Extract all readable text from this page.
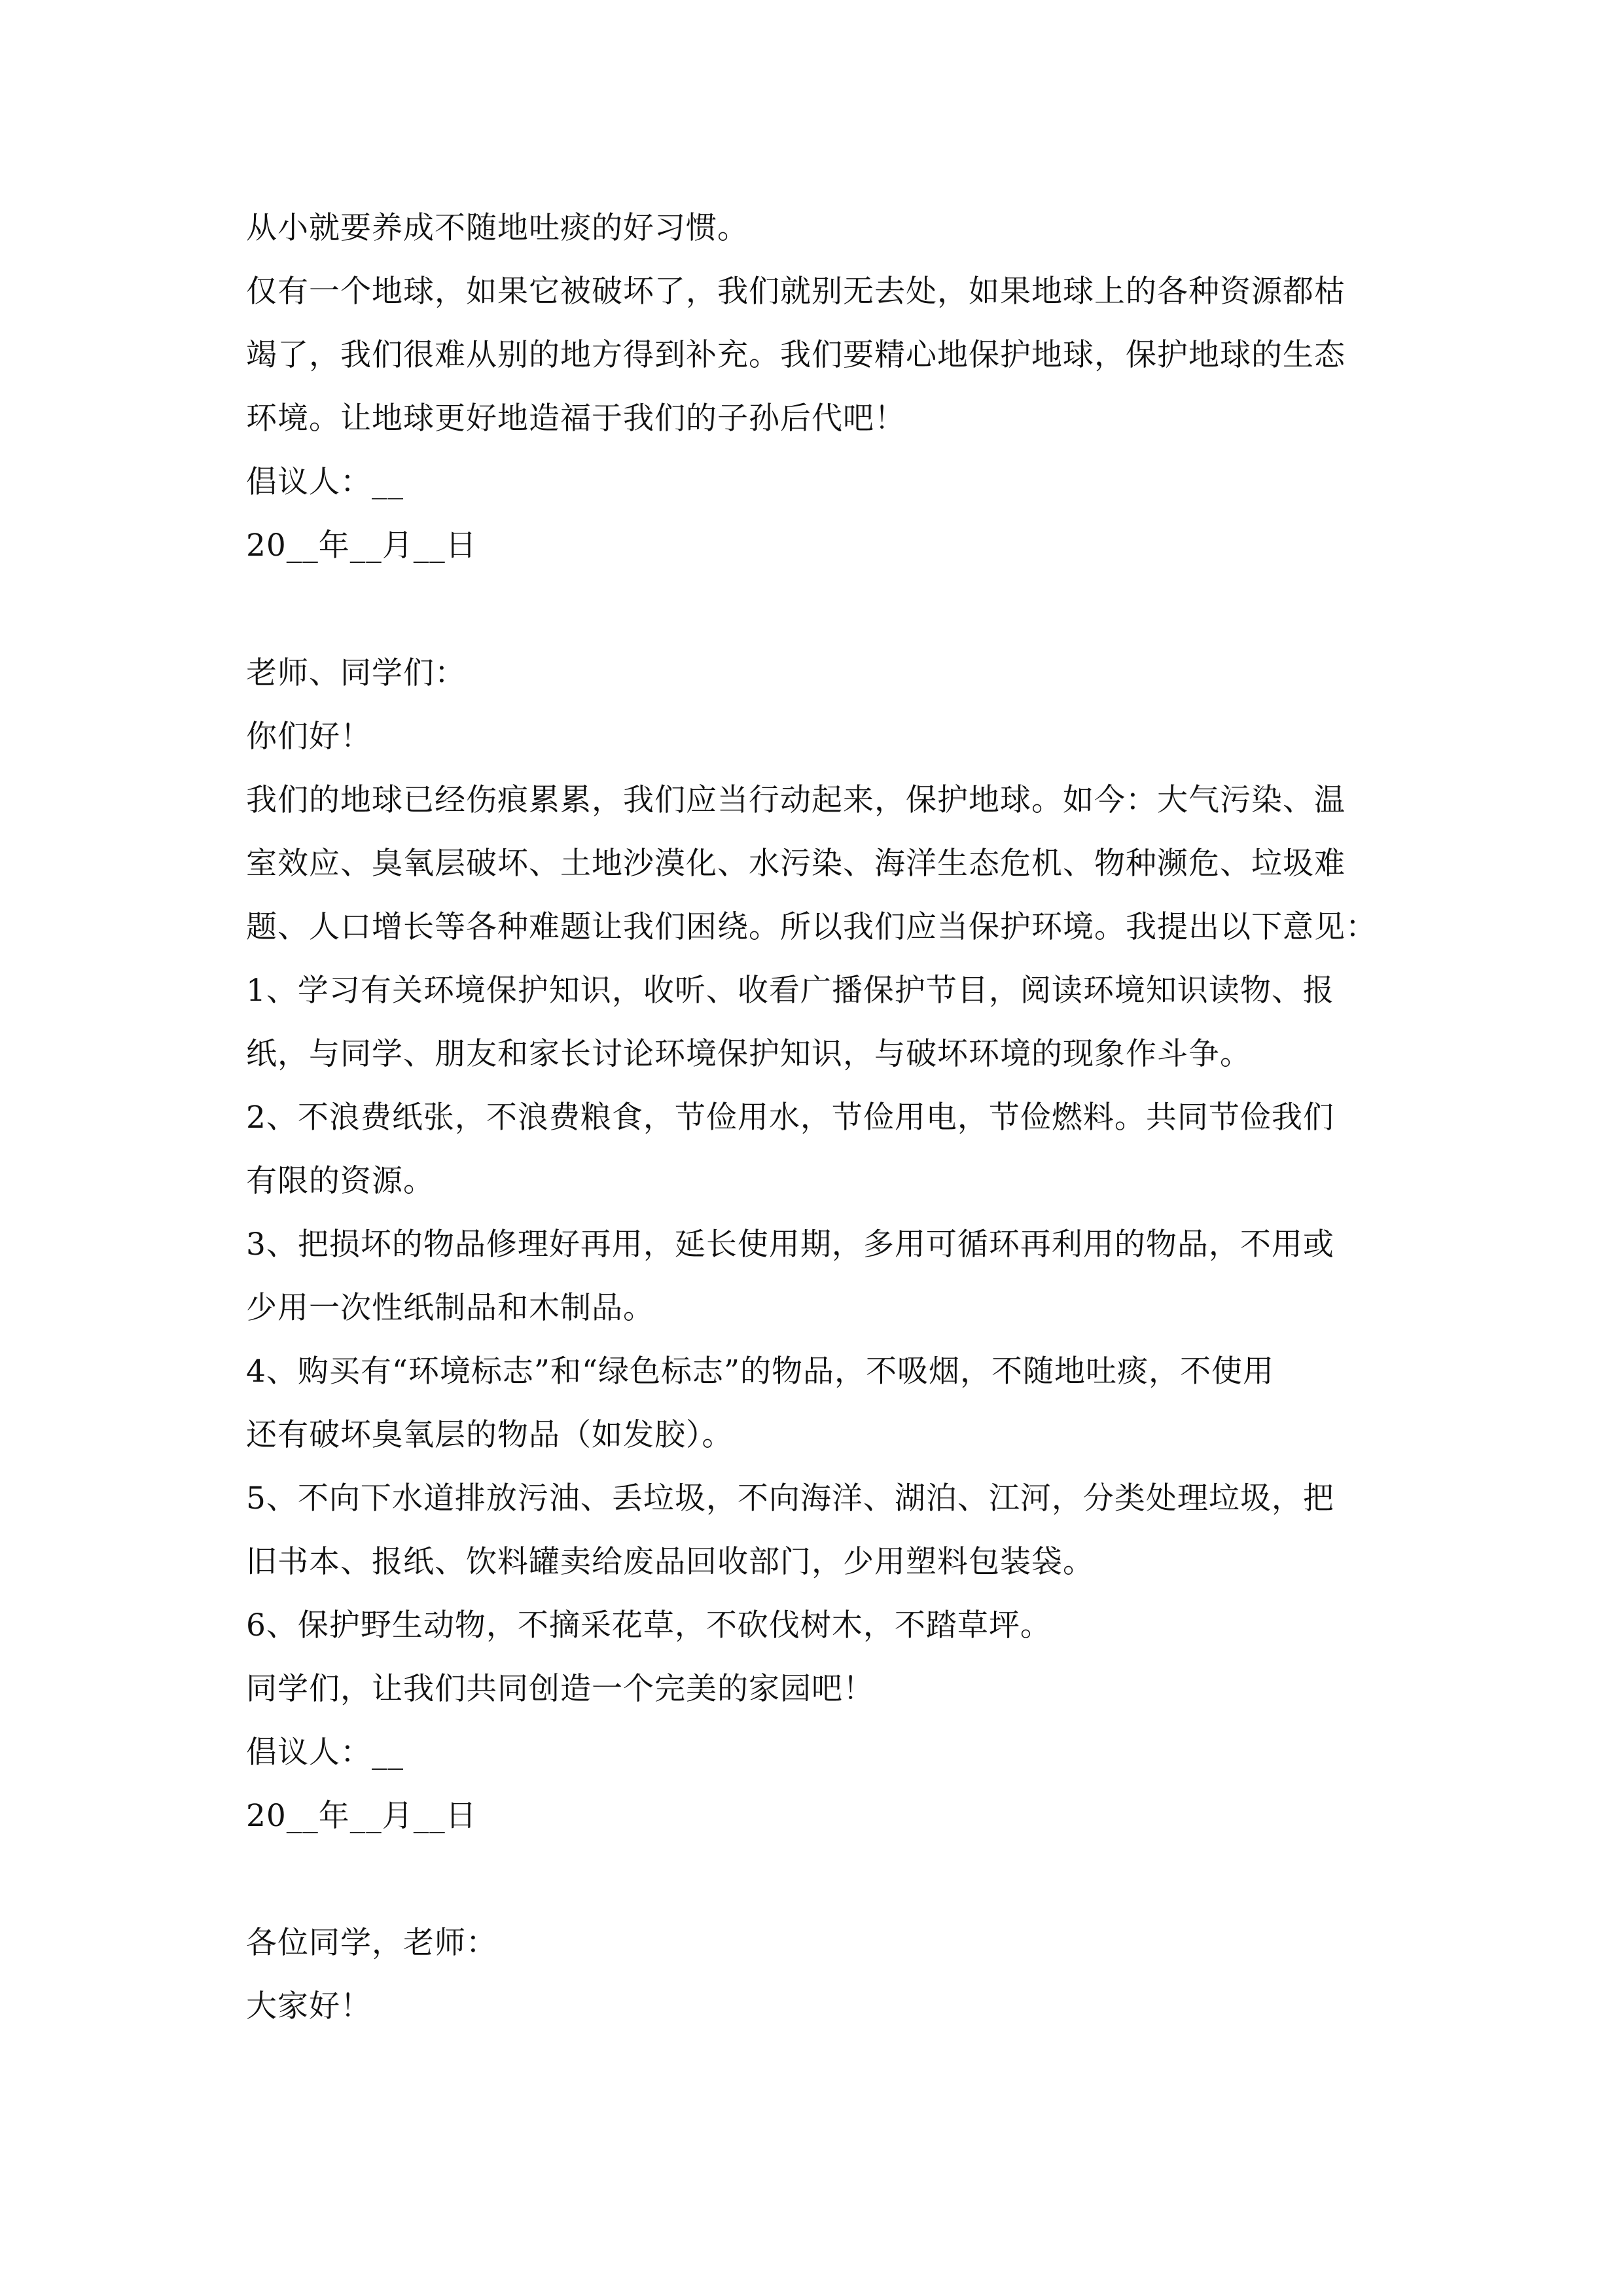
从小就要养成不随地吐痰的好习惯。
仅有一个地球，如果它被破坏了，我们就别无去处，如果地球上的各种资源都枯
竭了，我们很难从别的地方得到补充。我们要精心地保护地球，保护地球的生态
环境。让地球更好地造福于我们的子孙后代吧！
倡议人：__
20__年__月__日
老师、同学们：
你们好！
我们的地球已经伤痕累累，我们应当行动起来，保护地球。如今：大气污染、温
室效应、臭氧层破坏、土地沙漠化、水污染、海洋生态危机、物种濒危、垃圾难
题、人口增长等各种难题让我们困绕。所以我们应当保护环境。我提出以下意见：
1、学习有关环境保护知识，收听、收看广播保护节目，阅读环境知识读物、报
纸，与同学、朋友和家长讨论环境保护知识，与破坏环境的现象作斗争。
2、不浪费纸张，不浪费粮食，节俭用水，节俭用电，节俭燃料。共同节俭我们
有限的资源。
3、把损坏的物品修理好再用，延长使用期，多用可循环再利用的物品，不用或
少用一次性纸制品和木制品。
4、购买有“环境标志”和“绿色标志”的物品，不吸烟，不随地吐痰，不使用
还有破坏臭氧层的物品（如发胶）。
5、不向下水道排放污油、丢垃圾，不向海洋、湖泊、江河，分类处理垃圾，把
旧书本、报纸、饮料罐卖给废品回收部门，少用塑料包装袋。
6、保护野生动物，不摘采花草，不砍伐树木，不踏草坪。
同学们，让我们共同创造一个完美的家园吧！
倡议人：__
20__年__月__日
各位同学，老师：
大家好！
